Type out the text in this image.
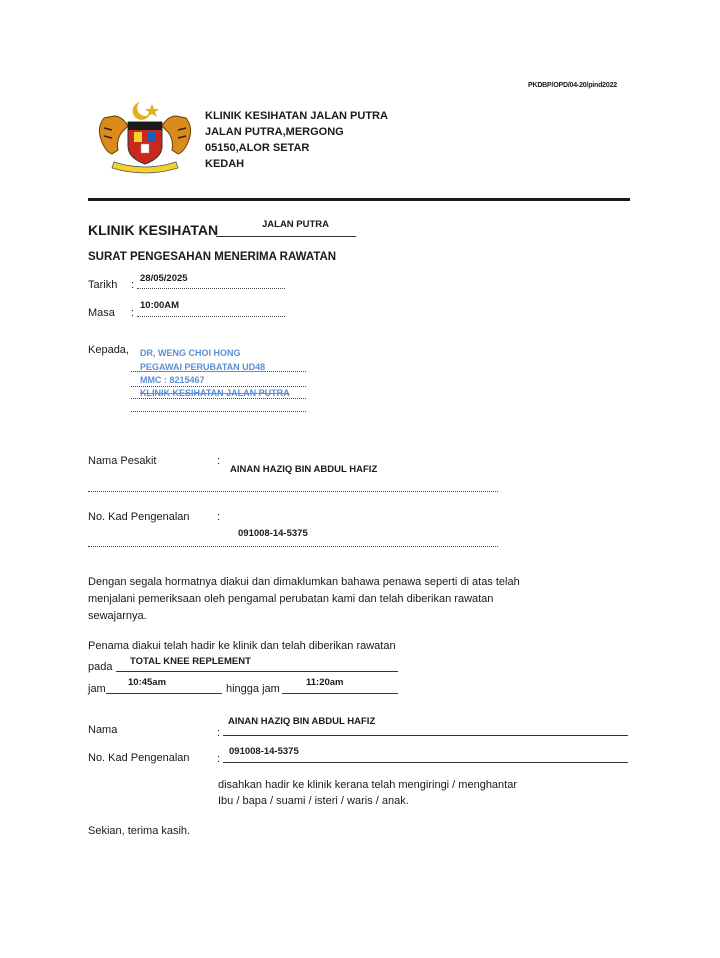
PKDBP/OPD/04-20/pind2022
KLINIK KESIHATAN JALAN PUTRA
JALAN PUTRA,MERGONG
05150,ALOR SETAR
KEDAH
KLINIK KESIHATAN	JALAN PUTRA
SURAT PENGESAHAN MENERIMA RAWATAN
Tarikh :
28/05/2025
Masa :
10:00AM
Kepada, DR, WENG CHOI HONG
PEGAWAI PERUBATAN UD48
MMC : 8215467
KLINIK KESIHATAN JALAN PUTRA
Nama Pesakit	:
AINAN HAZIQ BIN ABDUL HAFIZ
No. Kad Pengenalan :
091008-14-5375
Dengan segala hormatnya diakui dan dimaklumkan bahawa penawa seperti di atas telah menjalani pemeriksaan oleh pengamal perubatan kami dan telah diberikan rawatan sewajarnya.
Penama diakui telah hadir ke klinik dan telah diberikan rawatan
pada TOTAL KNEE REPLEMENT
jam
10:45am
hingga jam
11:20am
Nama	:
AINAN HAZIQ BIN ABDUL HAFIZ
No. Kad Pengenalan :
091008-14-5375
disahkan hadir ke klinik kerana telah mengiringi / menghantar
Ibu / bapa / suami / isteri / waris / anak.
Sekian, terima kasih.
